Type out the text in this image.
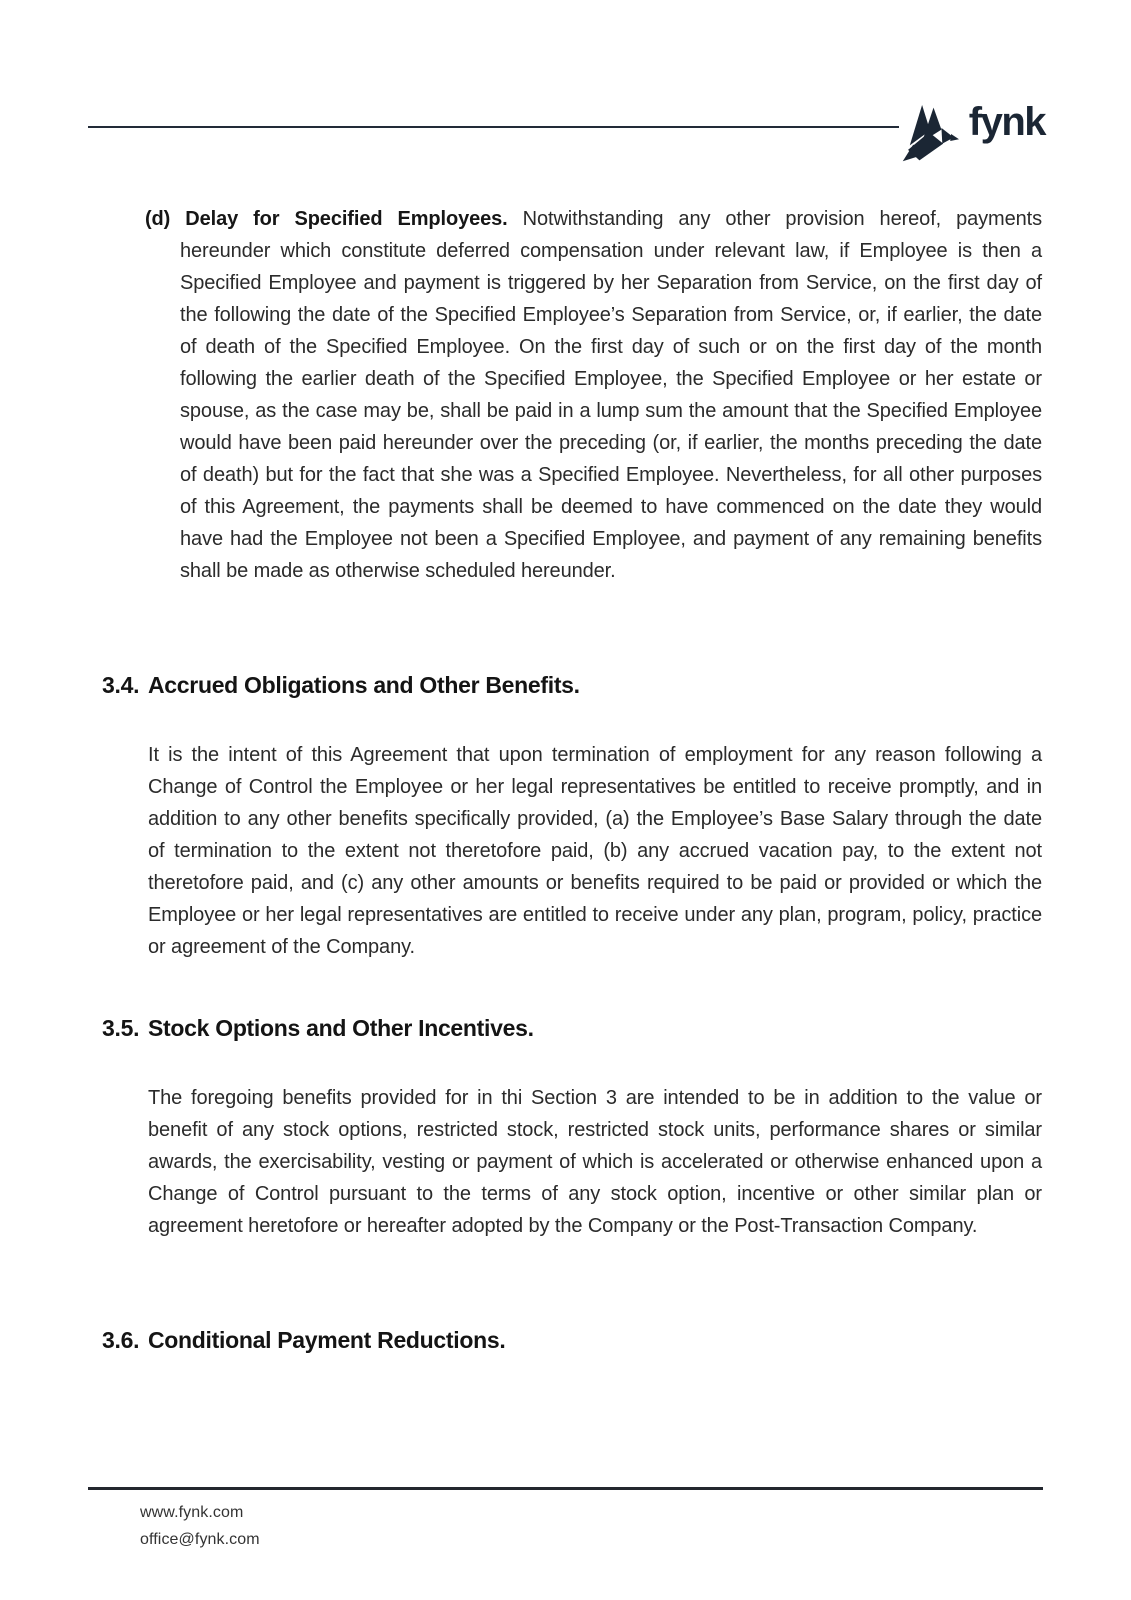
fynk

(d) Delay for Specified Employees. Notwithstanding any other provision hereof, payments hereunder which constitute deferred compensation under relevant law, if Employee is then a Specified Employee and payment is triggered by her Separation from Service, on the first day of the following the date of the Specified Employee’s Separation from Service, or, if earlier, the date of death of the Specified Employee. On the first day of such or on the first day of the month following the earlier death of the Specified Employee, the Specified Employee or her estate or spouse, as the case may be, shall be paid in a lump sum the amount that the Specified Employee would have been paid hereunder over the preceding (or, if earlier, the months preceding the date of death) but for the fact that she was a Specified Employee. Nevertheless, for all other purposes of this Agreement, the payments shall be deemed to have commenced on the date they would have had the Employee not been a Specified Employee, and payment of any remaining benefits shall be made as otherwise scheduled hereunder.

3.4. Accrued Obligations and Other Benefits.

It is the intent of this Agreement that upon termination of employment for any reason following a Change of Control the Employee or her legal representatives be entitled to receive promptly, and in addition to any other benefits specifically provided, (a) the Employee’s Base Salary through the date of termination to the extent not theretofore paid, (b) any accrued vacation pay, to the extent not theretofore paid, and (c) any other amounts or benefits required to be paid or provided or which the Employee or her legal representatives are entitled to receive under any plan, program, policy, practice or agreement of the Company.

3.5. Stock Options and Other Incentives.

The foregoing benefits provided for in thi Section 3 are intended to be in addition to the value or benefit of any stock options, restricted stock, restricted stock units, performance shares or similar awards, the exercisability, vesting or payment of which is accelerated or otherwise enhanced upon a Change of Control pursuant to the terms of any stock option, incentive or other similar plan or agreement heretofore or hereafter adopted by the Company or the Post-Transaction Company.

3.6. Conditional Payment Reductions.
www.fynk.com
office@fynk.com
